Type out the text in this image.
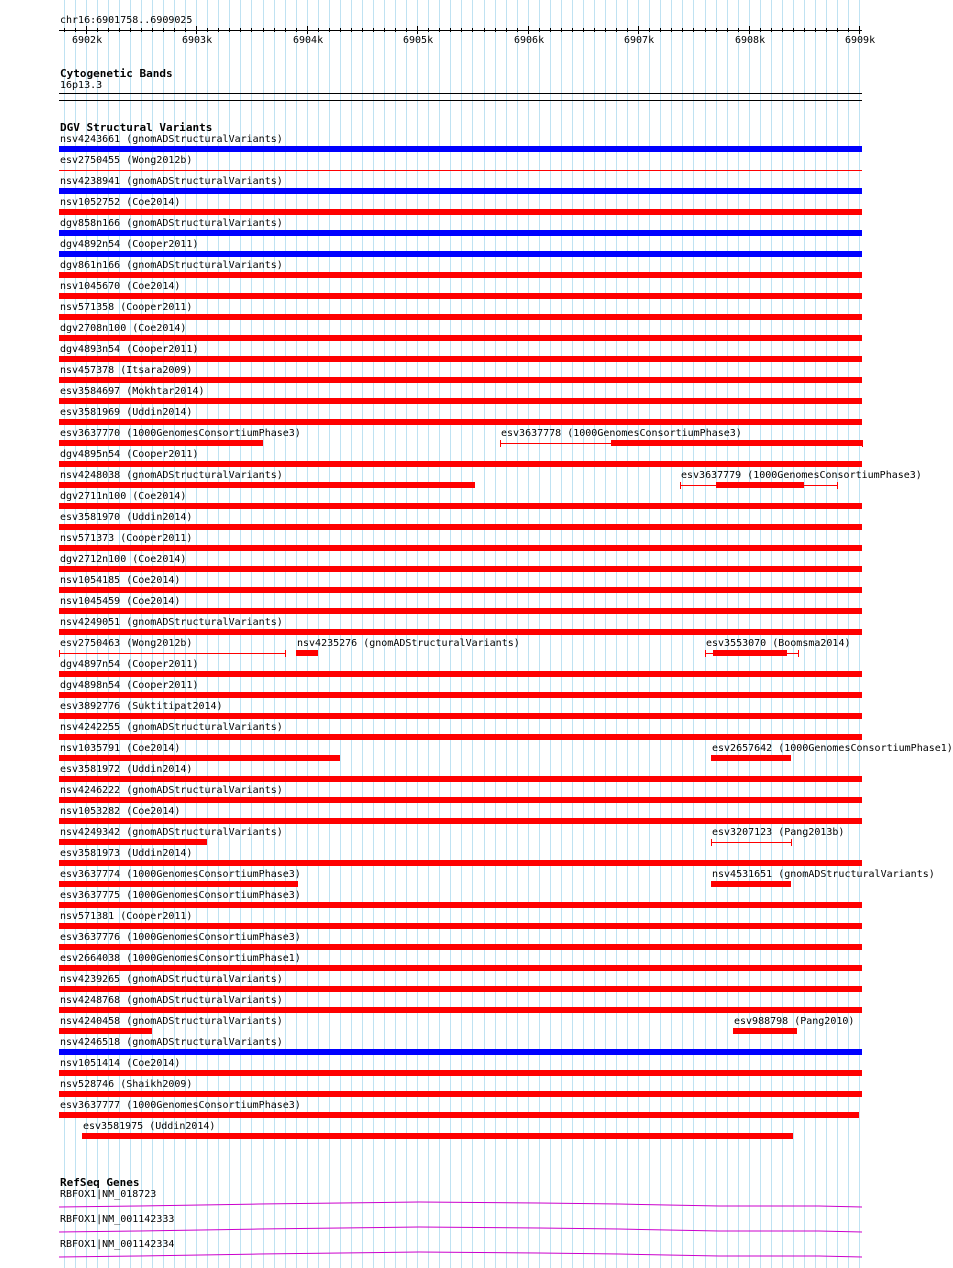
chr16:6901758..6909025
6902k	6903k	6904k	6905k	6906k	6907k	6908k	6909k
Cytogenetic Bands
16p13.3
DGV Structural Variants
nsv4243661 (gnomADStructuralVariants)
esv2750455 (Wong2012b)
nsv4238941 (gnomADStructuralVariants)
nsv1052752 (Coe2014)
dgv858n166 (gnomADStructuralVariants)
dgv4892n54 (Cooper2011)
dgv861n166 (gnomADStructuralVariants)
nsv1045670 (Coe2014)
nsv571358 (Cooper2011)
dgv2708n100 (Coe2014)
dgv4893n54 (Cooper2011)
nsv457378 (Itsara2009)
esv3584697 (Mokhtar2014)
esv3581969 (Uddin2014)
esv3637770 (1000GenomesConsortiumPhase3)	esv3637778 (1000GenomesConsortiumPhase3)
dgv4895n54 (Cooper2011)
nsv4248038 (gnomADStructuralVariants)	esv3637779 (1000GenomesConsortiumPhase3)
dgv2711n100 (Coe2014)
esv3581970 (Uddin2014)
nsv571373 (Cooper2011)
dgv2712n100 (Coe2014)
nsv1054185 (Coe2014)
nsv1045459 (Coe2014)
nsv4249051 (gnomADStructuralVariants)
esv2750463 (Wong2012b)	nsv4235276 (gnomADStructuralVariants)	esv3553070 (Boomsma2014)
dgv4897n54 (Cooper2011)
dgv4898n54 (Cooper2011)
esv3892776 (Suktitipat2014)
nsv4242255 (gnomADStructuralVariants)
nsv1035791 (Coe2014)	esv2657642 (1000GenomesConsortiumPhase1)
esv3581972 (Uddin2014)
nsv4246222 (gnomADStructuralVariants)
nsv1053282 (Coe2014)
nsv4249342 (gnomADStructuralVariants)	esv3207123 (Pang2013b)
esv3581973 (Uddin2014)
esv3637774 (1000GenomesConsortiumPhase3)	nsv4531651 (gnomADStructuralVariants)
esv3637775 (1000GenomesConsortiumPhase3)
nsv571381 (Cooper2011)
esv3637776 (1000GenomesConsortiumPhase3)
esv2664038 (1000GenomesConsortiumPhase1)
nsv4239265 (gnomADStructuralVariants)
nsv4248768 (gnomADStructuralVariants)
nsv4240458 (gnomADStructuralVariants)	esv988798 (Pang2010)
nsv4246518 (gnomADStructuralVariants)
nsv1051414 (Coe2014)
nsv528746 (Shaikh2009)
esv3637777 (1000GenomesConsortiumPhase3)
esv3581975 (Uddin2014)
RefSeq Genes
RBFOX1|NM_018723
RBFOX1|NM_001142333
RBFOX1|NM_001142334
